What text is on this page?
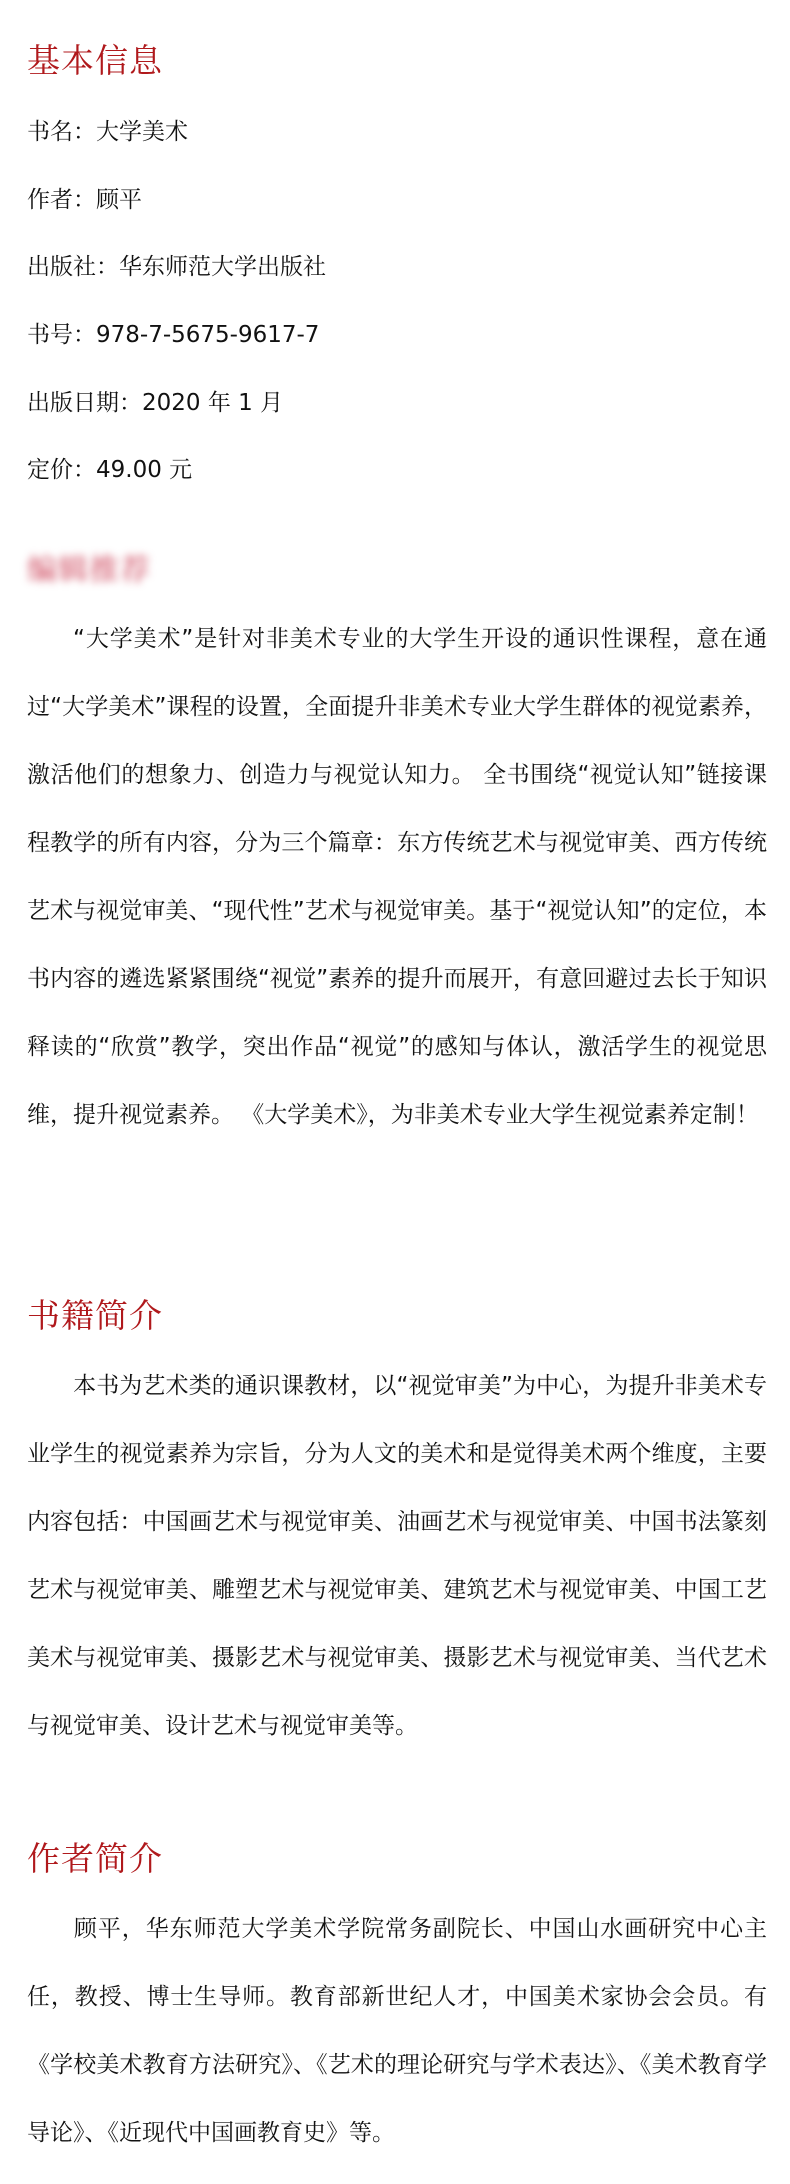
基本信息
书名：大学美术
作者：顾平
出版社：华东师范大学出版社
书号：978-7-5675-9617-7
出版日期：2020 年 1 月
定价：49.00 元
编辑推荐
“大学美术”是针对非美术专业的大学生开设的通识性课程，意在通过“大学美术”课程的设置，全面提升非美术专业大学生群体的视觉素养，激活他们的想象力、创造力与视觉认知力。 全书围绕“视觉认知”链接课程教学的所有内容，分为三个篇章：东方传统艺术与视觉审美、西方传统艺术与视觉审美、“现代性”艺术与视觉审美。基于“视觉认知”的定位，本书内容的遴选紧紧围绕“视觉”素养的提升而展开，有意回避过去长于知识释读的“欣赏”教学，突出作品“视觉”的感知与体认，激活学生的视觉思维，提升视觉素养。 《大学美术》，为非美术专业大学生视觉素养定制！
书籍简介
本书为艺术类的通识课教材，以“视觉审美”为中心，为提升非美术专业学生的视觉素养为宗旨，分为人文的美术和是觉得美术两个维度，主要内容包括：中国画艺术与视觉审美、油画艺术与视觉审美、中国书法篆刻艺术与视觉审美、雕塑艺术与视觉审美、建筑艺术与视觉审美、中国工艺美术与视觉审美、摄影艺术与视觉审美、摄影艺术与视觉审美、当代艺术与视觉审美、设计艺术与视觉审美等。
作者简介
顾平，华东师范大学美术学院常务副院长、中国山水画研究中心主任，教授、博士生导师。教育部新世纪人才，中国美术家协会会员。有《学校美术教育方法研究》、《艺术的理论研究与学术表达》、《美术教育学导论》、《近现代中国画教育史》等。
